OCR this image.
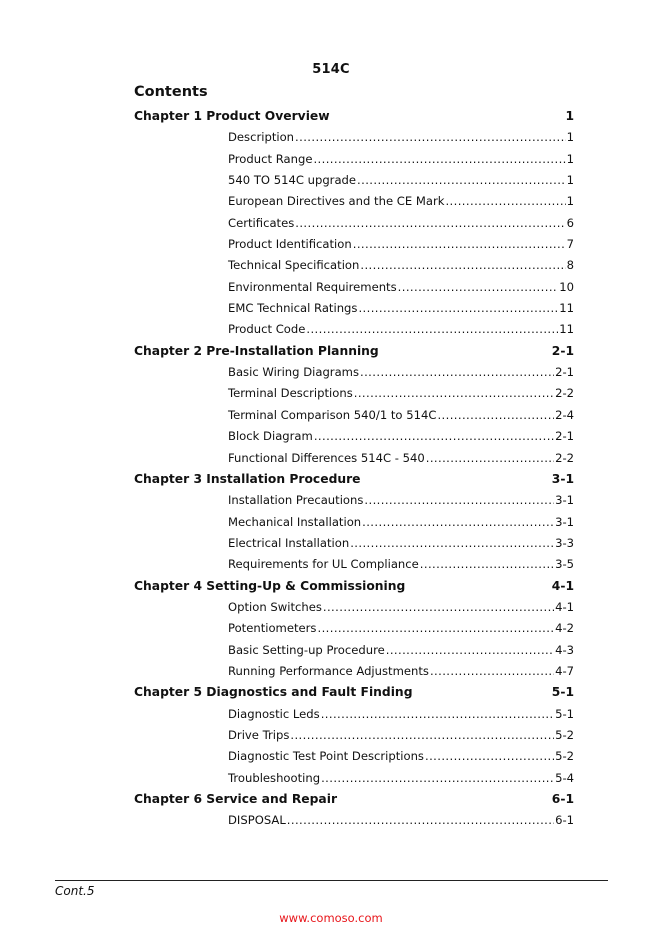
514C
Contents
Chapter 1 Product Overview	1
Description .....	1
Product Range .....	1
540 TO 514C upgrade .....	1
European Directives and the CE Mark .....	1
Certificates .....	6
Product Identification .....	7
Technical Specification .....	8
Environmental Requirements .....	10
EMC Technical Ratings .....	11
Product Code .....	11
Chapter 2 Pre-Installation Planning	2-1
Basic Wiring Diagrams .....	2-1
Terminal Descriptions .....	2-2
Terminal Comparison 540/1 to 514C .....	2-4
Block Diagram .....	2-1
Functional Differences 514C - 540 .....	2-2
Chapter 3 Installation Procedure	3-1
Installation Precautions .....	3-1
Mechanical Installation .....	3-1
Electrical Installation .....	3-3
Requirements for UL Compliance .....	3-5
Chapter 4 Setting-Up & Commissioning	4-1
Option Switches .....	4-1
Potentiometers .....	4-2
Basic Setting-up Procedure .....	4-3
Running Performance Adjustments .....	4-7
Chapter 5 Diagnostics and Fault Finding	5-1
Diagnostic Leds .....	5-1
Drive Trips .....	5-2
Diagnostic Test Point Descriptions .....	5-2
Troubleshooting .....	5-4
Chapter 6 Service and Repair	6-1
DISPOSAL .....	6-1
Cont.5
www.comoso.com
